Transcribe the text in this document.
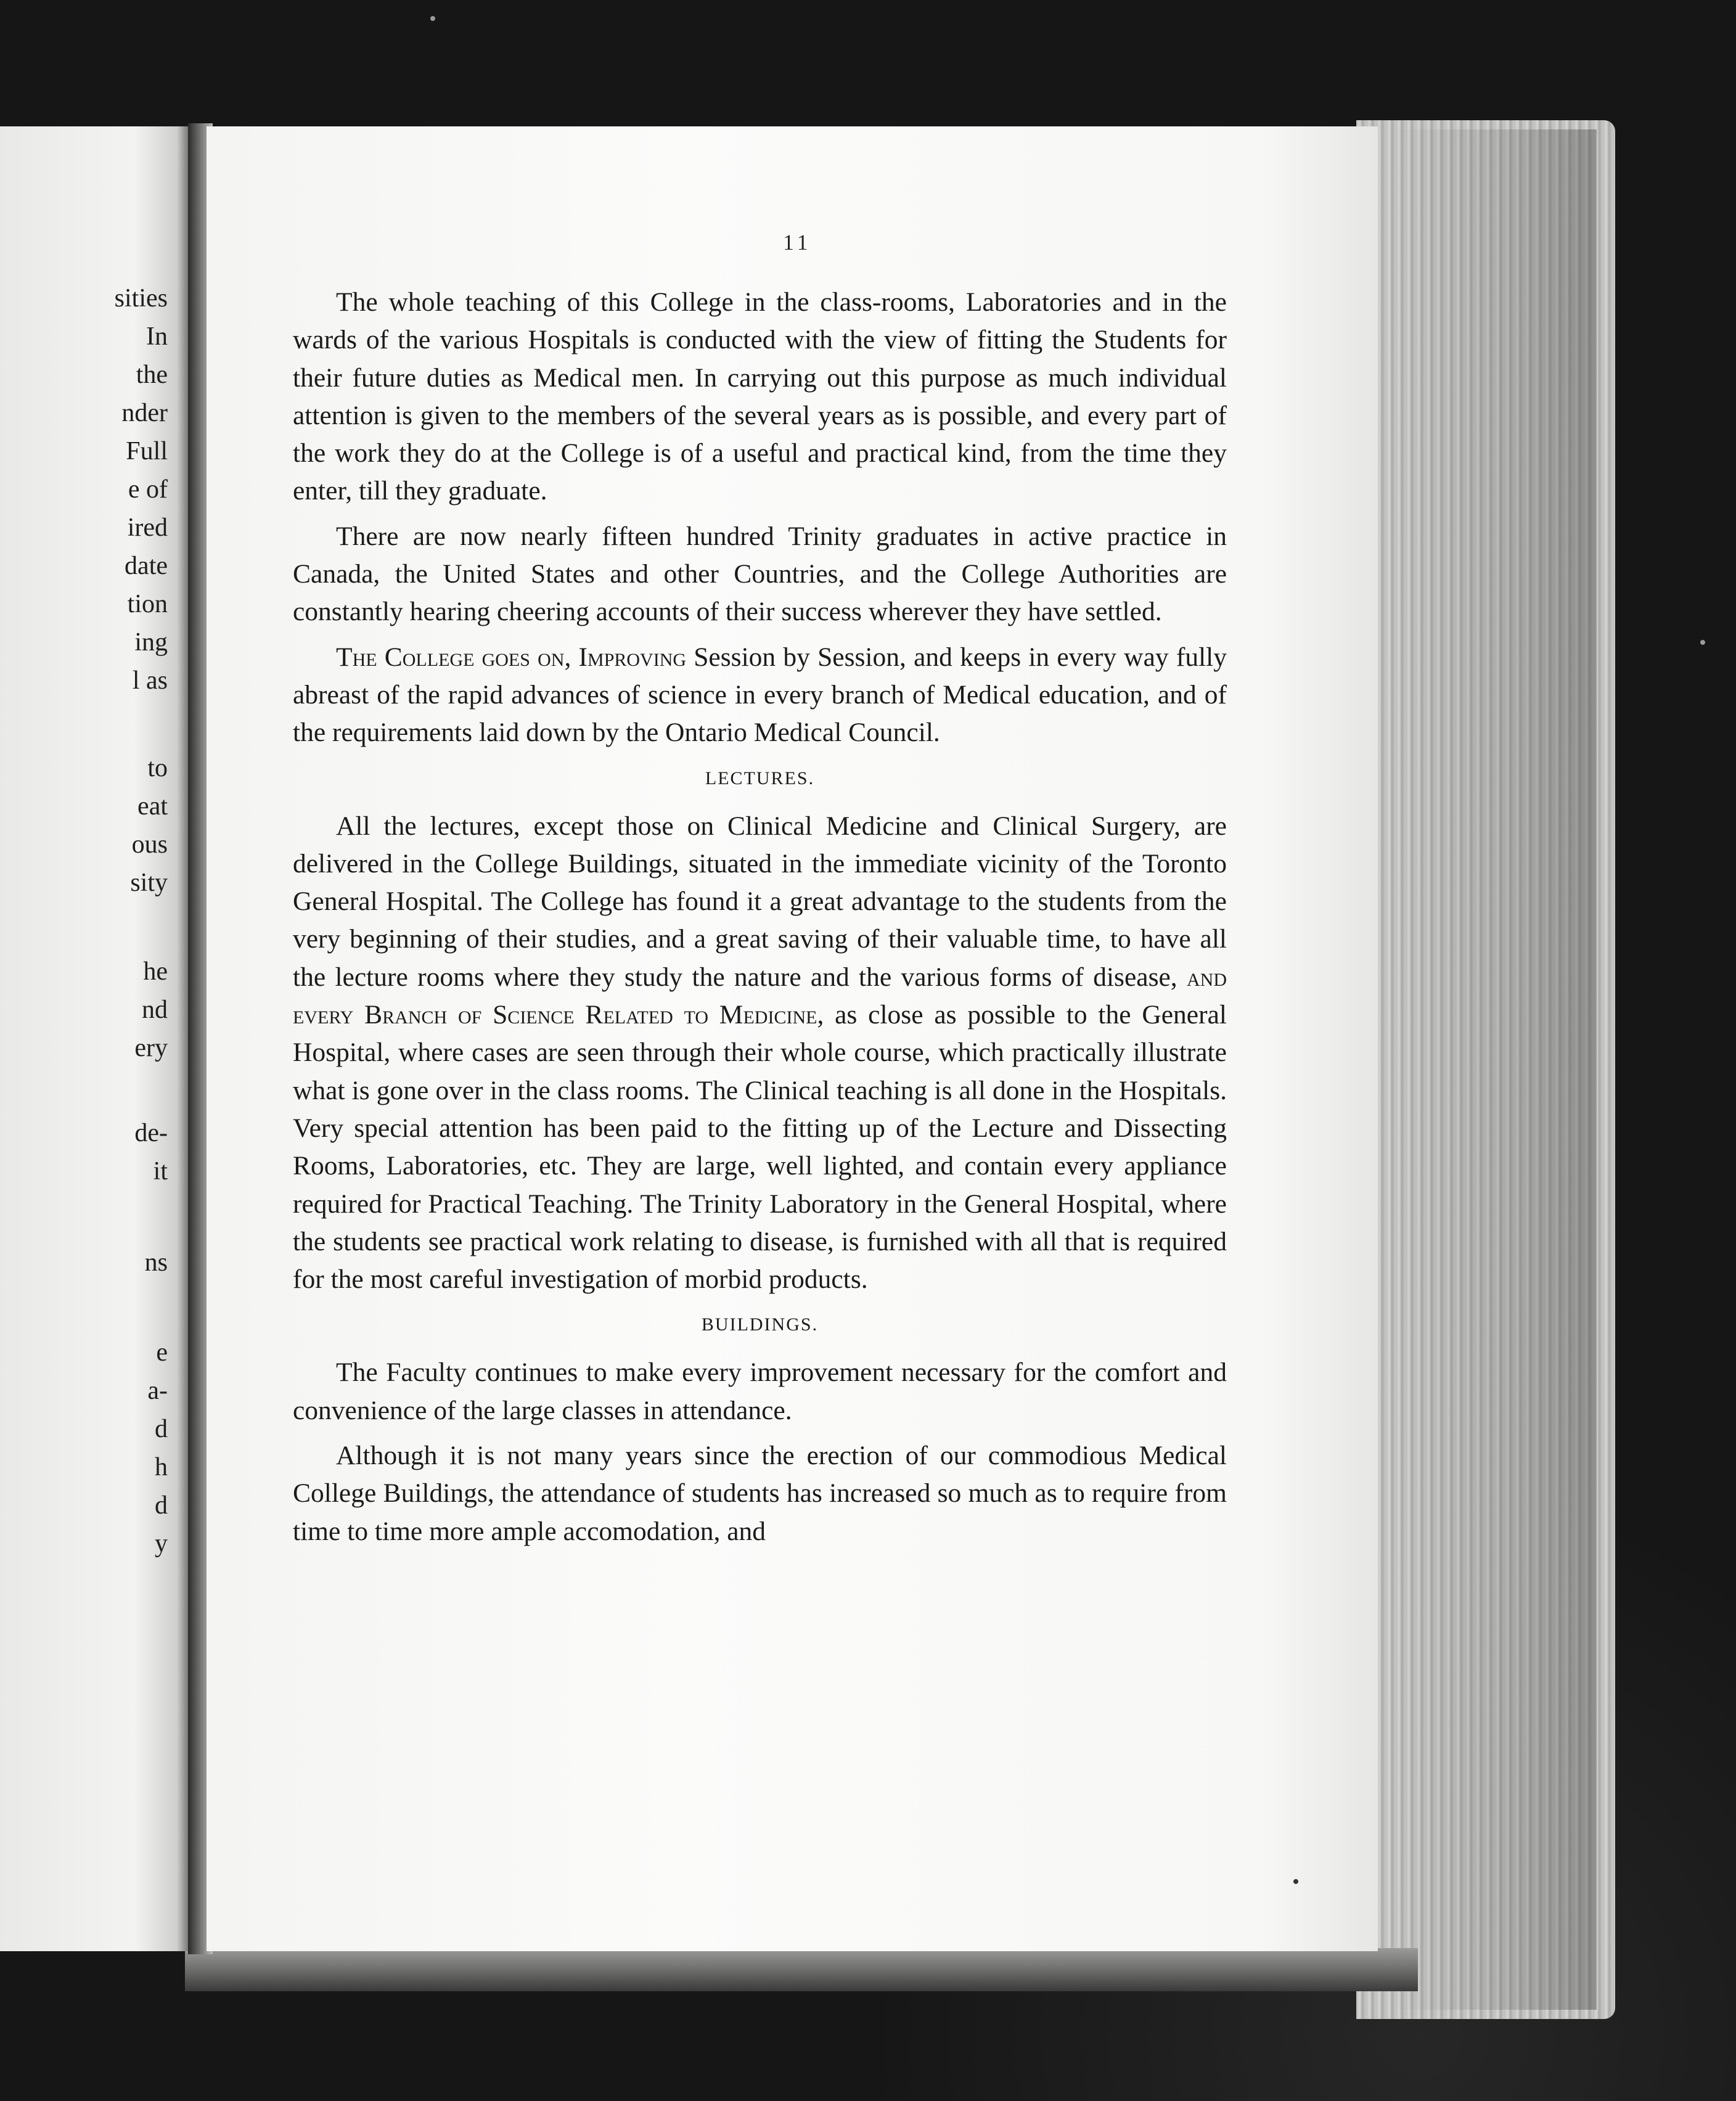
sities

In

the

nder

Full

e of

ired

date

tion

ing

l as

to

eat

ous

sity

he

nd

ery

de-

it

ns

e

a-

d

h

d

y

11

The whole teaching of this College in the class-rooms, Laboratories and in the wards of the various Hospitals is conducted with the view of fitting the Students for their future duties as Medical men. In carrying out this purpose as much individual attention is given to the members of the several years as is possible, and every part of the work they do at the College is of a useful and practical kind, from the time they enter, till they graduate.

There are now nearly fifteen hundred Trinity graduates in active practice in Canada, the United States and other Countries, and the College Authorities are constantly hearing cheering accounts of their success wherever they have settled.

The College goes on, Improving Session by Session, and keeps in every way fully abreast of the rapid advances of science in every branch of Medical education, and of the requirements laid down by the Ontario Medical Council.

LECTURES.

All the lectures, except those on Clinical Medicine and Clinical Surgery, are delivered in the College Buildings, situated in the immediate vicinity of the Toronto General Hospital. The College has found it a great advantage to the students from the very beginning of their studies, and a great saving of their valuable time, to have all the lecture rooms where they study the nature and the various forms of disease, and every Branch of Science Related to Medicine, as close as possible to the General Hospital, where cases are seen through their whole course, which practically illustrate what is gone over in the class rooms. The Clinical teaching is all done in the Hospitals. Very special attention has been paid to the fitting up of the Lecture and Dissecting Rooms, Laboratories, etc. They are large, well lighted, and contain every appliance required for Practical Teaching. The Trinity Laboratory in the General Hospital, where the students see practical work relating to disease, is furnished with all that is required for the most careful investigation of morbid products.

BUILDINGS.

The Faculty continues to make every improvement necessary for the comfort and convenience of the large classes in attendance.

Although it is not many years since the erection of our commodious Medical College Buildings, the attendance of students has increased so much as to require from time to time more ample accomodation, and
